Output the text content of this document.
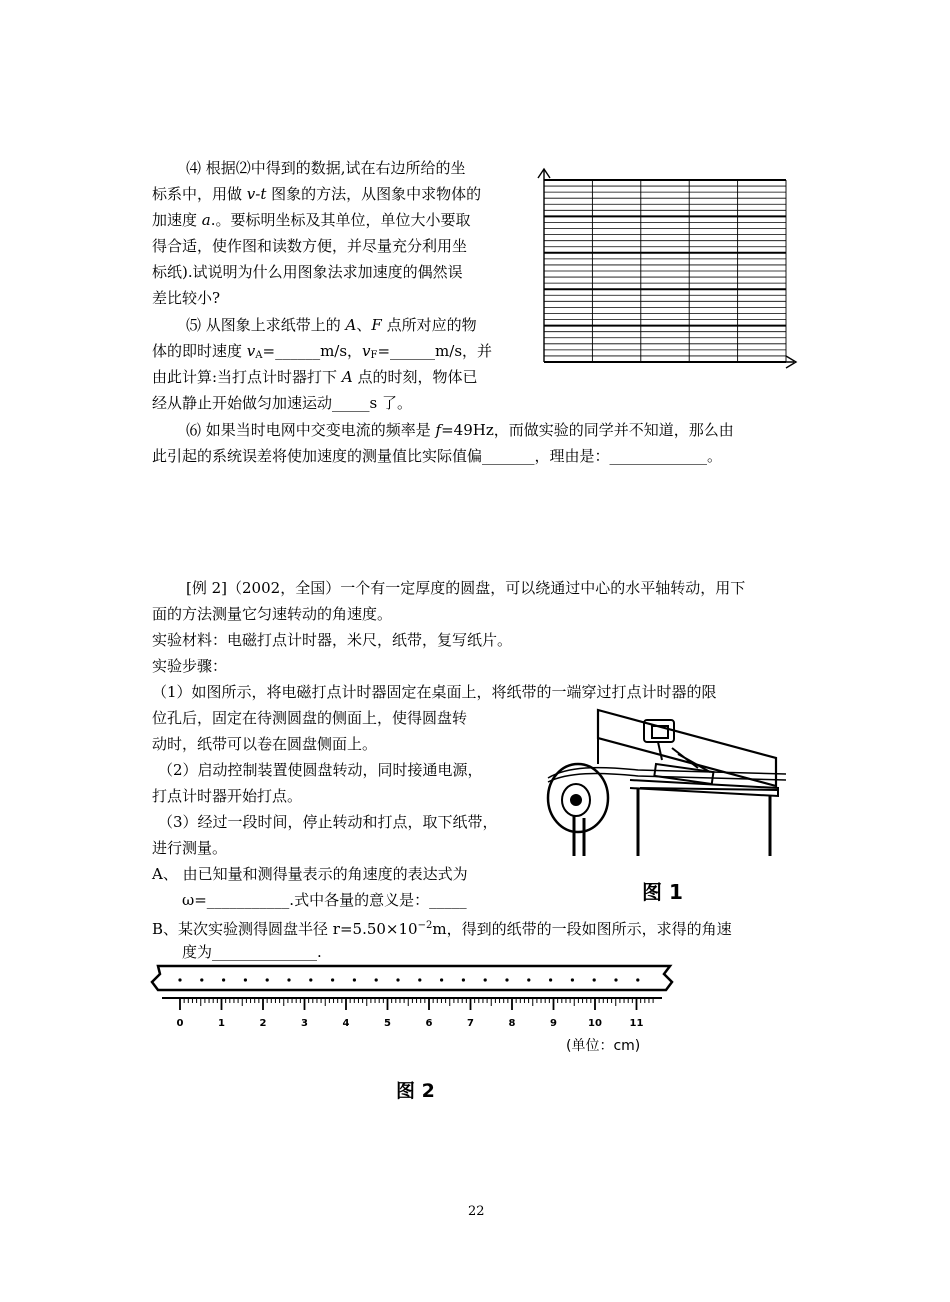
⑷ 根据⑵中得到的数据,试在右边所给的坐
标系中，用做 v-t 图象的方法，从图象中求物体的
加速度 a.。要标明坐标及其单位，单位大小要取
得合适，使作图和读数方便，并尽量充分利用坐
标纸).试说明为什么用图象法求加速度的偶然误
差比较小?
⑸ 从图象上求纸带上的 A、F 点所对应的物
体的即时速度 $v_A=\_\_\_\_\_\_m/s$，$v_F=\_\_\_\_\_\_m/s$，并
由此计算:当打点计时器打下 A 点的时刻，物体已
经从静止开始做匀加速运动_____s 了。
⑹ 如果当时电网中交变电流的频率是 f=49Hz，而做实验的同学并不知道，那么由
此引起的系统误差将使加速度的测量值比实际值偏_______，理由是：_____________。
[例 2]（2002，全国）一个有一定厚度的圆盘，可以绕通过中心的水平轴转动，用下
面的方法测量它匀速转动的角速度。
实验材料：电磁打点计时器，米尺，纸带，复写纸片。
实验步骤：
（1）如图所示，将电磁打点计时器固定在桌面上，将纸带的一端穿过打点计时器的限
位孔后，固定在待测圆盘的侧面上，使得圆盘转
动时，纸带可以卷在圆盘侧面上。
（2）启动控制装置使圆盘转动，同时接通电源，
打点计时器开始打点。
（3）经过一段时间，停止转动和打点，取下纸带，
进行测量。
A、 由已知量和测得量表示的角速度的表达式为
ω=___________.式中各量的意义是：_____
B、某次实验测得圆盘半径 $r=5.50\times 10^{-2}m$，得到的纸带的一段如图所示，求得的角速
度为______________.
图 1
0	1	2	3	4	5	6	7	8	9	10	11
(单位：cm)
图 2
22
